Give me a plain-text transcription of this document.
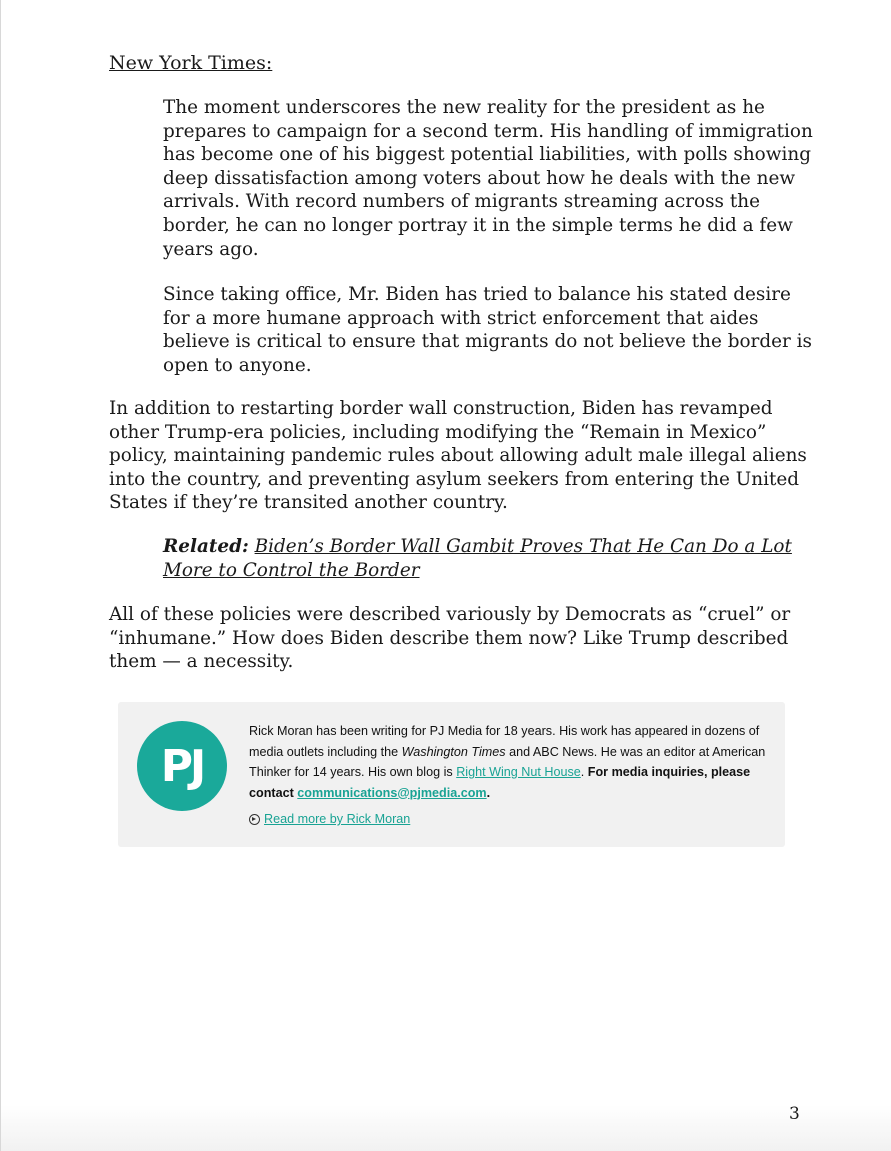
New York Times:

The moment underscores the new reality for the president as he prepares to campaign for a second term. His handling of immigration has become one of his biggest potential liabilities, with polls showing deep dissatisfaction among voters about how he deals with the new arrivals. With record numbers of migrants streaming across the border, he can no longer portray it in the simple terms he did a few years ago.

Since taking office, Mr. Biden has tried to balance his stated desire for a more humane approach with strict enforcement that aides believe is critical to ensure that migrants do not believe the border is open to anyone.

In addition to restarting border wall construction, Biden has revamped other Trump-era policies, including modifying the “Remain in Mexico” policy, maintaining pandemic rules about allowing adult male illegal aliens into the country, and preventing asylum seekers from entering the United States if they’re transited another country.

Related: Biden’s Border Wall Gambit Proves That He Can Do a Lot More to Control the Border

All of these policies were described variously by Democrats as “cruel” or “inhumane.” How does Biden describe them now? Like Trump described them — a necessity.

PJ

Rick Moran has been writing for PJ Media for 18 years. His work has appeared in dozens of media outlets including the Washington Times and ABC News. He was an editor at American Thinker for 14 years. His own blog is Right Wing Nut House. For media inquiries, please contact communications@pjmedia.com.

Read more by Rick Moran
3
